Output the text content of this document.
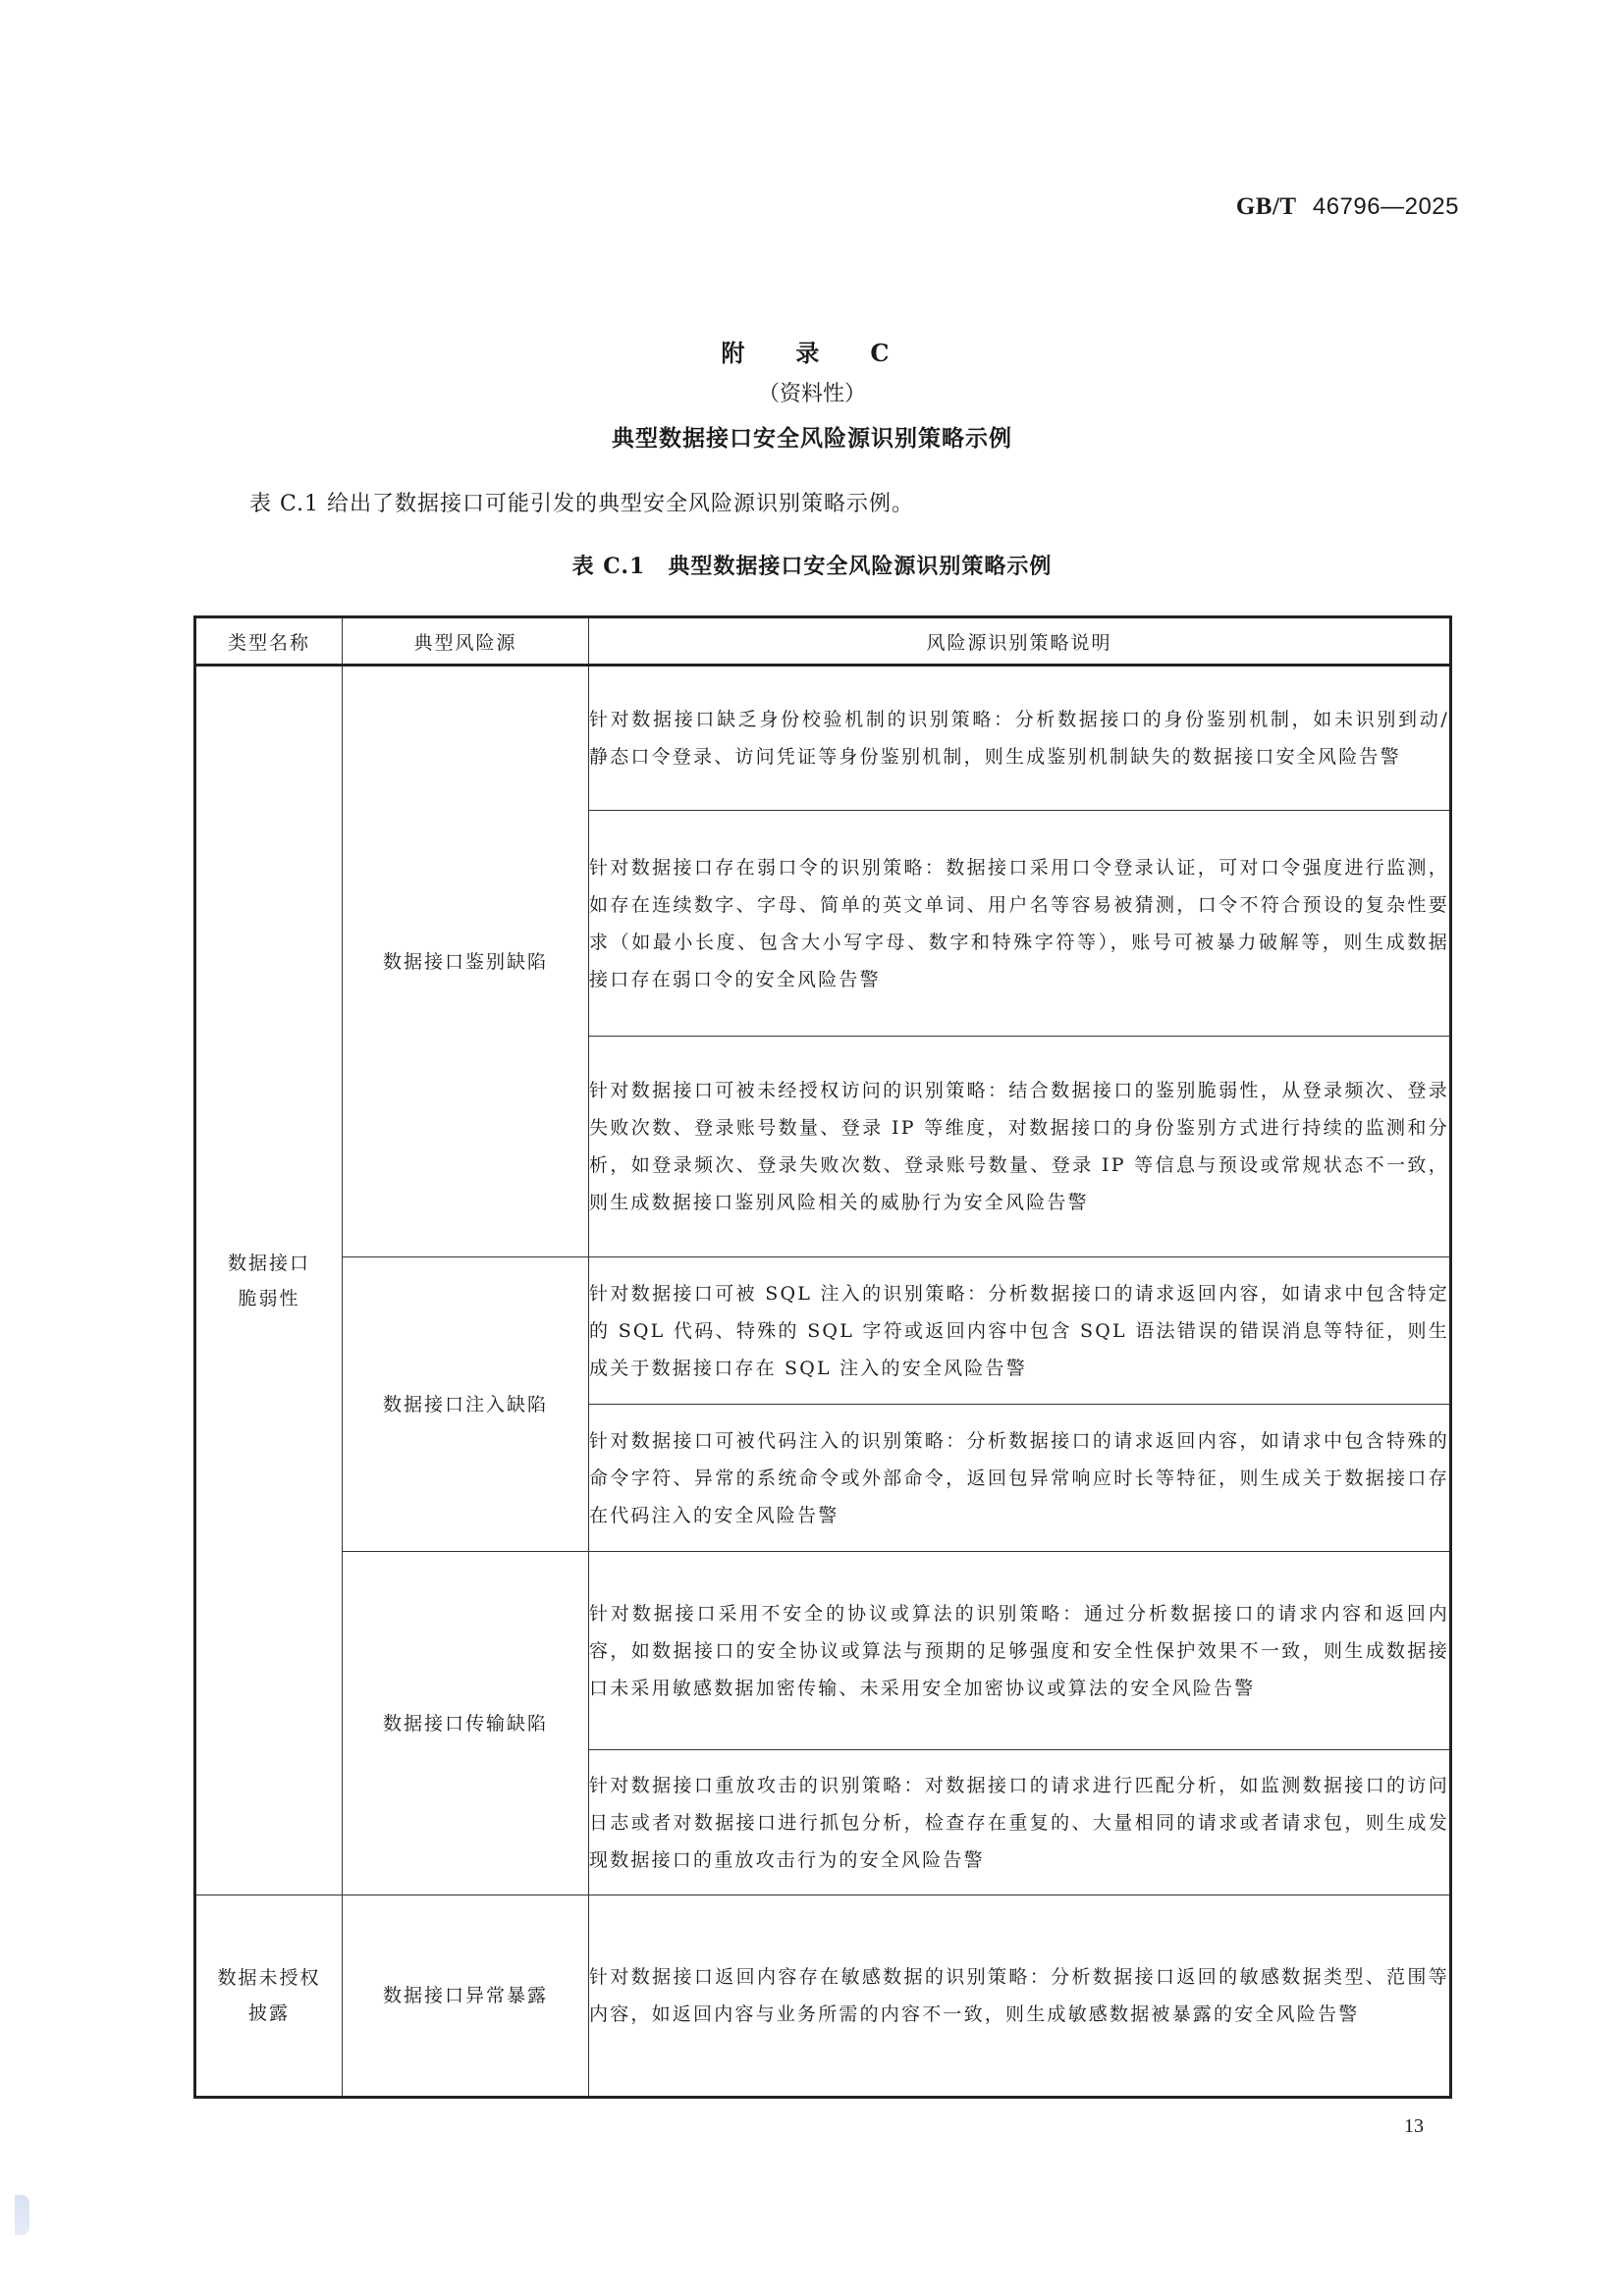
GB/T 46796—2025
附　录　C
（资料性）
典型数据接口安全风险源识别策略示例
表 C.1 给出了数据接口可能引发的典型安全风险源识别策略示例。
表 C.1　典型数据接口安全风险源识别策略示例
类型名称	典型风险源	风险源识别策略说明
数据接口脆弱性	数据接口鉴别缺陷	针对数据接口缺乏身份校验机制的识别策略：分析数据接口的身份鉴别机制，如未识别到动/静态口令登录、访问凭证等身份鉴别机制，则生成鉴别机制缺失的数据接口安全风险告警
		针对数据接口存在弱口令的识别策略：数据接口采用口令登录认证，可对口令强度进行监测，如存在连续数字、字母、简单的英文单词、用户名等容易被猜测，口令不符合预设的复杂性要求（如最小长度、包含大小写字母、数字和特殊字符等），账号可被暴力破解等，则生成数据接口存在弱口令的安全风险告警
		针对数据接口可被未经授权访问的识别策略：结合数据接口的鉴别脆弱性，从登录频次、登录失败次数、登录账号数量、登录 IP 等维度，对数据接口的身份鉴别方式进行持续的监测和分析，如登录频次、登录失败次数、登录账号数量、登录 IP 等信息与预设或常规状态不一致，则生成数据接口鉴别风险相关的威胁行为安全风险告警
	数据接口注入缺陷	针对数据接口可被 SQL 注入的识别策略：分析数据接口的请求返回内容，如请求中包含特定的 SQL 代码、特殊的 SQL 字符或返回内容中包含 SQL 语法错误的错误消息等特征，则生成关于数据接口存在 SQL 注入的安全风险告警
		针对数据接口可被代码注入的识别策略：分析数据接口的请求返回内容，如请求中包含特殊的命令字符、异常的系统命令或外部命令，返回包异常响应时长等特征，则生成关于数据接口存在代码注入的安全风险告警
	数据接口传输缺陷	针对数据接口采用不安全的协议或算法的识别策略：通过分析数据接口的请求内容和返回内容，如数据接口的安全协议或算法与预期的足够强度和安全性保护效果不一致，则生成数据接口未采用敏感数据加密传输、未采用安全加密协议或算法的安全风险告警
		针对数据接口重放攻击的识别策略：对数据接口的请求进行匹配分析，如监测数据接口的访问日志或者对数据接口进行抓包分析，检查存在重复的、大量相同的请求或者请求包，则生成发现数据接口的重放攻击行为的安全风险告警
数据未授权披露	数据接口异常暴露	针对数据接口返回内容存在敏感数据的识别策略：分析数据接口返回的敏感数据类型、范围等内容，如返回内容与业务所需的内容不一致，则生成敏感数据被暴露的安全风险告警
13
